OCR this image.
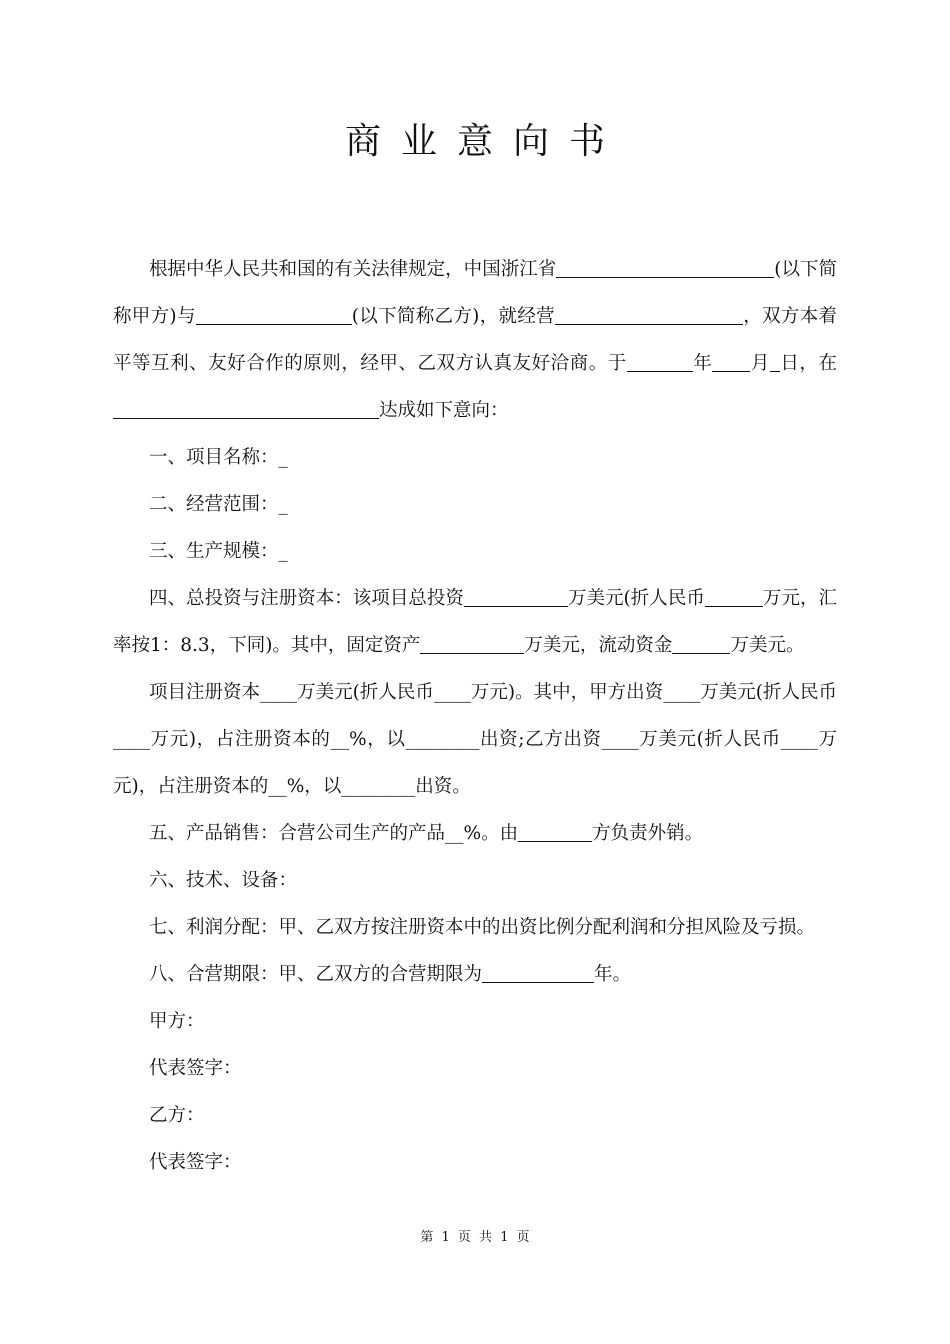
商业意向书

根据中华人民共和国的有关法律规定，中国浙江省	(以下简称甲方)与	(以下简称乙方)，就经营	，双方本着平等互利、友好合作的原则，经甲、乙双方认真友好洽商。于	年 月 日，在达成如下意向：

一、项目名称：_

二、经营范围：_

三、生产规模：_

四、总投资与注册资本：该项目总投资	万美元(折人民币	万元，汇率按1：8.3，下同)。其中，固定资产	万美元，流动资金	万美元。

项目注册资本____万美元(折人民币____万元)。其中，甲方出资____万美元(折人民币____万元)，占注册资本的__%，以________出资;乙方出资____万美元(折人民币____万元)，占注册资本的__%，以________出资。

五、产品销售：合营公司生产的产品__%。由	方负责外销。

六、技术、设备：

七、利润分配：甲、乙双方按注册资本中的出资比例分配利润和分担风险及亏损。

八、合营期限：甲、乙双方的合营期限为	年。

甲方：

代表签字：

乙方：

代表签字：

第 1 页 共 1 页
